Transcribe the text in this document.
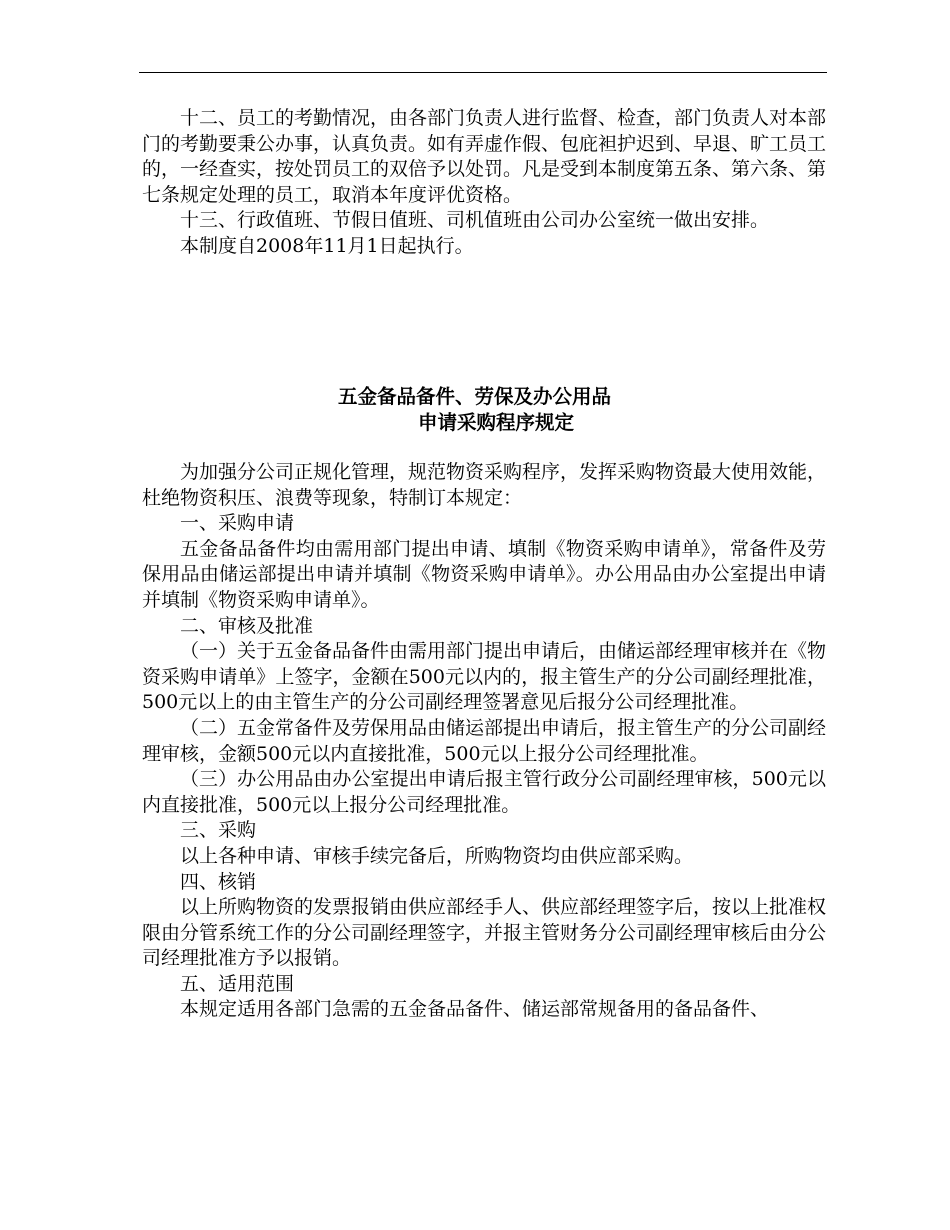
十二、员工的考勤情况，由各部门负责人进行监督、检查，部门负责人对本部门的考勤要秉公办事，认真负责。如有弄虚作假、包庇袒护迟到、早退、旷工员工的，一经查实，按处罚员工的双倍予以处罚。凡是受到本制度第五条、第六条、第七条规定处理的员工，取消本年度评优资格。

十三、行政值班、节假日值班、司机值班由公司办公室统一做出安排。

本制度自2008年11月1日起执行。

五金备品备件、劳保及办公用品
申请采购程序规定

为加强分公司正规化管理，规范物资采购程序，发挥采购物资最大使用效能，杜绝物资积压、浪费等现象，特制订本规定：

一、采购申请

五金备品备件均由需用部门提出申请、填制《物资采购申请单》，常备件及劳保用品由储运部提出申请并填制《物资采购申请单》。办公用品由办公室提出申请并填制《物资采购申请单》。

二、审核及批准

（一）关于五金备品备件由需用部门提出申请后，由储运部经理审核并在《物资采购申请单》上签字，金额在500元以内的，报主管生产的分公司副经理批准，500元以上的由主管生产的分公司副经理签署意见后报分公司经理批准。

（二）五金常备件及劳保用品由储运部提出申请后，报主管生产的分公司副经理审核，金额500元以内直接批准，500元以上报分公司经理批准。

（三）办公用品由办公室提出申请后报主管行政分公司副经理审核，500元以内直接批准，500元以上报分公司经理批准。

三、采购

以上各种申请、审核手续完备后，所购物资均由供应部采购。

四、核销

以上所购物资的发票报销由供应部经手人、供应部经理签字后，按以上批准权限由分管系统工作的分公司副经理签字，并报主管财务分公司副经理审核后由分公司经理批准方予以报销。

五、适用范围

本规定适用各部门急需的五金备品备件、储运部常规备用的备品备件、
